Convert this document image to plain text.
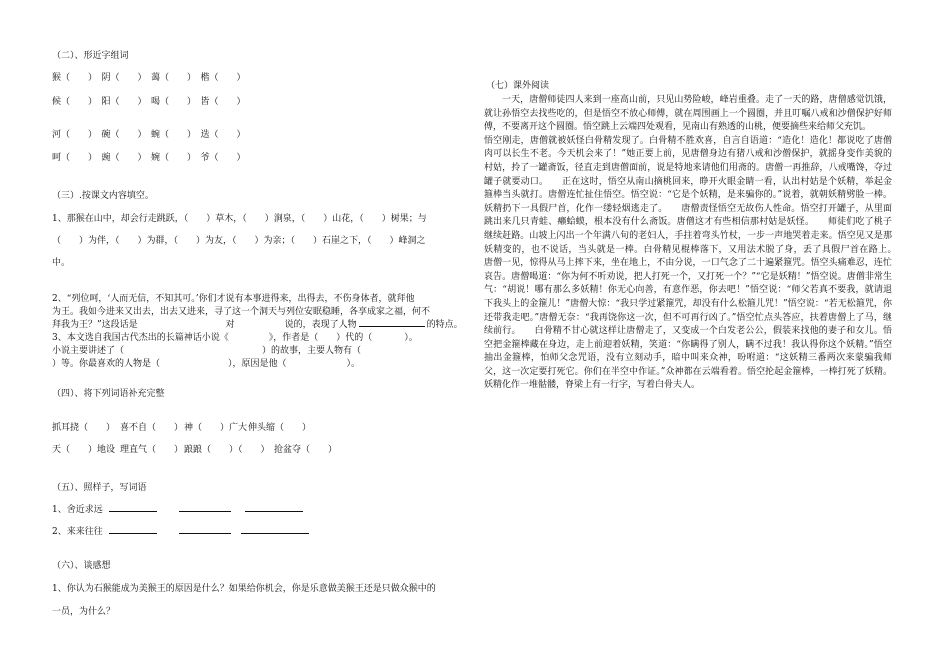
（二）、形近字组词
猴（　　）　阴（　　）　蔼（　　）　楷（　　）
候（　　）　阳（　　）　喝（　　）　皆（　　）
河（　　）　碗（　　）　蜿（　　）　迭（　　）
呵（　　）　豌（　　）　婉（　　）　爷（　　）
（三）.按课文内容填空。
1、那猴在山中，却会行走跳跃，（　　）草木，（　　）涧泉，（　　）山花，（　　）树果；与
（　　）为伴，（　　）为群，（　　）为友，（　　）为亲；（　　）石崖之下，（　　）峰洞之
中。
2、“列位呵，‘人而无信，不知其可。’你们才说有本事进得来，出得去，不伤身体者，就拜他
为王。我如今进来又出去，出去又进来，寻了这一个洞天与列位安眠稳睡，各享成家之福，何不
拜我为王？”这段话是	对	说的，表现了人物	的特点。
3、本文选自我国古代杰出的长篇神话小说《	》，作者是（　　）代的（	）。
小说主要讲述了（	）的故事，主要人物有（
）等。你最喜欢的人物是（	），原因是他（	）。
（四）、将下列词语补充完整
抓耳挠（　　） 喜不自（　　） 神（　　）广大 伸头缩（　　）
天（　　）地设 理直气（　　） 踉踉（　　）（　　） 抢盆夺（　　）
（五）、照样子，写词语
1、舍近求远
2、来来往往
（六）、谈感想
1、你认为石猴能成为美猴王的原因是什么？如果给你机会，你是乐意做美猴王还是只做众猴中的
一员，为什么？
（七）课外阅读

一天，唐僧师徒四人来到一座高山前，只见山势险峻，峰岩重叠。走了一天的路，唐僧感觉饥饿，就让孙悟空去找些吃的，但是悟空不放心师傅，就在周围画上一个圆圈，并且叮嘱八戒和沙僧保护好师傅，不要离开这个圆圈。悟空跳上云端四处观看，见南山有熟透的山桃，便要摘些来给师父充饥。

悟空刚走，唐僧就被妖怪白骨精发现了。白骨精不胜欢喜，自言自语道：“造化！造化！都说吃了唐僧肉可以长生不老。今天机会来了！”她正要上前，见唐僧身边有猪八戒和沙僧保护，就摇身变作美貌的村姑，拎了一罐斋饭，径直走到唐僧面前，说是特地来请他们用斋的。唐僧一再推辞，八戒嘴馋，夺过罐子就要动口。　　正在这时，悟空从南山摘桃回来，睁开火眼金睛一看，认出村姑是个妖精，举起金箍棒当头就打。唐僧连忙扯住悟空。悟空说：“它是个妖精，是来骗你的。”说着，就朝妖精劈脸一棒。妖精扔下一具假尸首，化作一缕轻烟逃走了。　　唐僧责怪悟空无故伤人性命。悟空打开罐子，从里面跳出来几只青蛙、癞蛤蟆，根本没有什么斋饭。唐僧这才有些相信那村姑是妖怪。　　师徒们吃了桃子继续赶路。山坡上闪出一个年满八旬的老妇人，手拄着弯头竹杖，一步一声地哭着走来。悟空见又是那妖精变的，也不说话，当头就是一棒。白骨精见棍棒落下，又用法术脱了身，丢了具假尸首在路上。　　唐僧一见，惊得从马上摔下来，坐在地上，不由分说，一口气念了二十遍紧箍咒。悟空头痛难忍，连忙哀告。唐僧喝道：“你为何不听劝说，把人打死一个，又打死一个？”“它是妖精！”悟空说。唐僧非常生气：“胡说！哪有那么多妖精！你无心向善，有意作恶，你去吧！”悟空说：“师父若真不要我，就请退下我头上的金箍儿！”唐僧大惊：“我只学过紧箍咒，却没有什么松箍儿咒！”悟空说：“若无松箍咒，你还带我走吧。”唐僧无奈：“我再饶你这一次，但不可再行凶了。”悟空忙点头答应，扶着唐僧上了马，继续前行。　　白骨精不甘心就这样让唐僧走了，又变成一个白发老公公，假装来找他的妻子和女儿。悟空把金箍棒藏在身边，走上前迎着妖精，笑道：“你瞒得了别人，瞒不过我！我认得你这个妖精。”悟空抽出金箍棒，怕师父念咒语，没有立刻动手，暗中叫来众神，吩咐道：“这妖精三番两次来蒙骗我师父，这一次定要打死它。你们在半空中作证。”众神都在云端看着。悟空抡起金箍棒，一棒打死了妖精。妖精化作一堆骷髅，脊梁上有一行字，写着白骨夫人。
